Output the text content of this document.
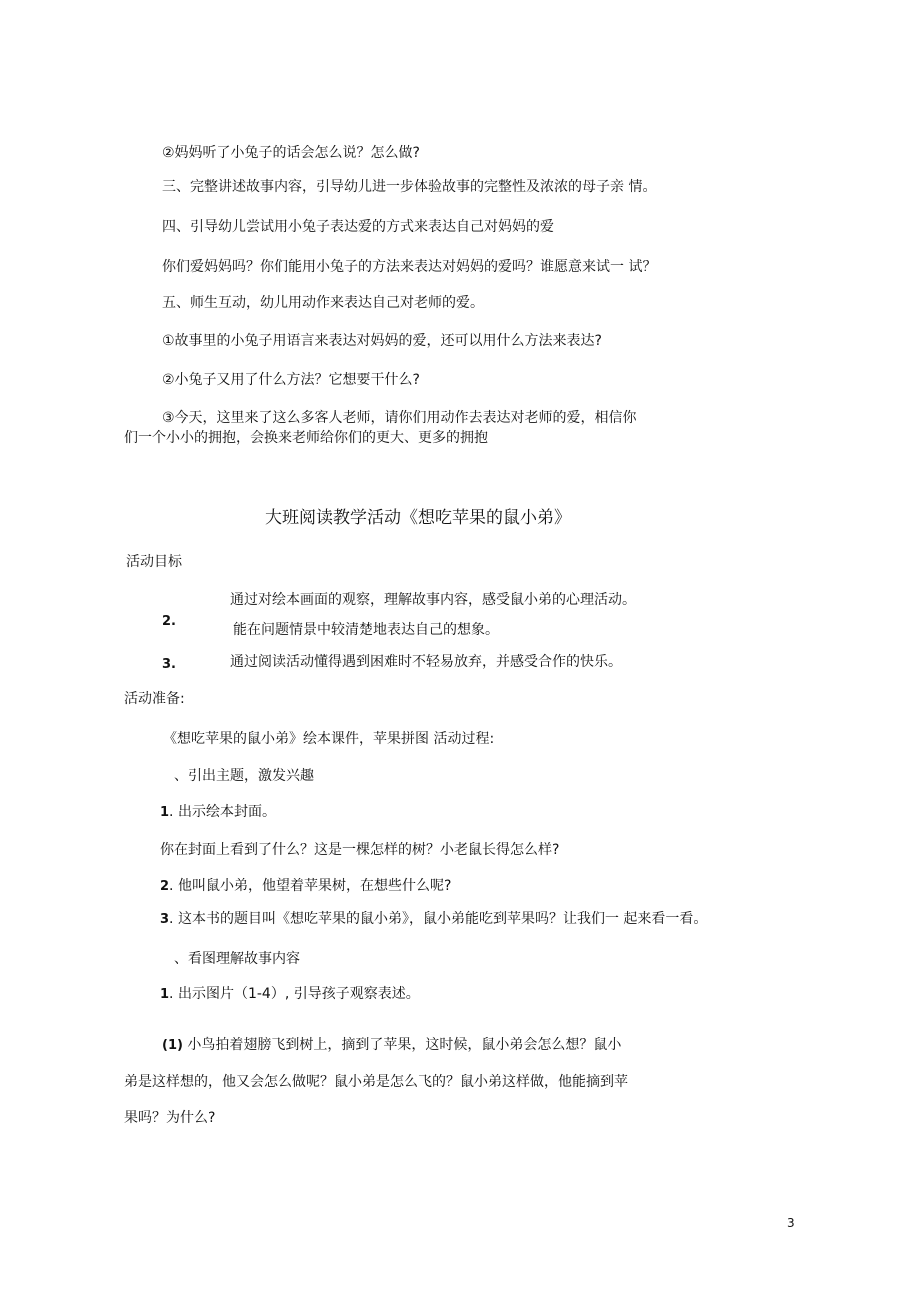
②妈妈听了小兔子的话会怎么说？怎么做?
三、完整讲述故事内容，引导幼儿进一步体验故事的完整性及浓浓的母子亲 情。
四、引导幼儿尝试用小兔子表达爱的方式来表达自己对妈妈的爱
你们爱妈妈吗？你们能用小兔子的方法来表达对妈妈的爱吗？谁愿意来试一 试？
五、师生互动，幼儿用动作来表达自己对老师的爱。
①故事里的小兔子用语言来表达对妈妈的爱，还可以用什么方法来表达?
②小兔子又用了什么方法？它想要干什么?
③今天，这里来了这么多客人老师，请你们用动作去表达对老师的爱，相信你
们一个小小的拥抱，会换来老师给你们的更大、更多的拥抱
大班阅读教学活动《想吃苹果的鼠小弟》
活动目标
通过对绘本画面的观察，理解故事内容，感受鼠小弟的心理活动。
2.
能在问题情景中较清楚地表达自己的想象。
3.	通过阅读活动懂得遇到困难时不轻易放弃，并感受合作的快乐。
活动准备:
《想吃苹果的鼠小弟》绘本课件，苹果拼图 活动过程:
、引出主题，激发兴趣
1. 出示绘本封面。
你在封面上看到了什么？这是一棵怎样的树？小老鼠长得怎么样?
2. 他叫鼠小弟，他望着苹果树，在想些什么呢?
3. 这本书的题目叫《想吃苹果的鼠小弟》，鼠小弟能吃到苹果吗？让我们一 起来看一看。
、看图理解故事内容
1. 出示图片（1-4）, 引导孩子观察表述。
(1) 小鸟拍着翅膀飞到树上，摘到了苹果，这时候，鼠小弟会怎么想？鼠小
弟是这样想的，他又会怎么做呢？鼠小弟是怎么飞的？鼠小弟这样做，他能摘到苹
果吗？为什么?
3
